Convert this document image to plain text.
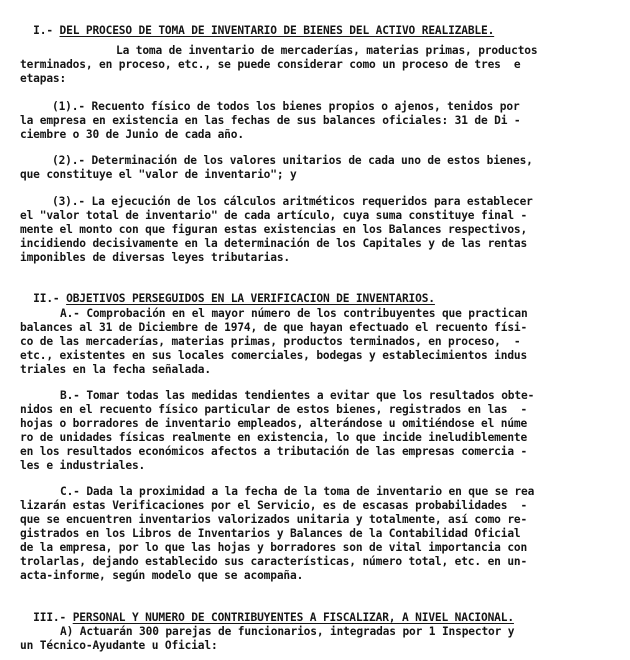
I.- DEL PROCESO DE TOMA DE INVENTARIO DE BIENES DEL ACTIVO REALIZABLE.

La toma de inventario de mercaderías, materias primas, productos
terminados, en proceso, etc., se puede considerar como un proceso de tres  e
etapas:
(1).- Recuento físico de todos los bienes propios o ajenos, tenidos por
la empresa en existencia en las fechas de sus balances oficiales: 31 de Di -
ciembre o 30 de Junio de cada año.
(2).- Determinación de los valores unitarios de cada uno de estos bienes,
que constituye el "valor de inventario"; y
(3).- La ejecución de los cálculos aritméticos requeridos para establecer
el "valor total de inventario" de cada artículo, cuya suma constituye final -
mente el monto con que figuran estas existencias en los Balances respectivos,
incidiendo decisivamente en la determinación de los Capitales y de las rentas
imponibles de diversas leyes tributarias.

II.- OBJETIVOS PERSEGUIDOS EN LA VERIFICACION DE INVENTARIOS.

A.- Comprobación en el mayor número de los contribuyentes que practican
balances al 31 de Diciembre de 1974, de que hayan efectuado el recuento físi-
co de las mercaderías, materias primas, productos terminados, en proceso,  -
etc., existentes en sus locales comerciales, bodegas y establecimientos indus
triales en la fecha señalada.
B.- Tomar todas las medidas tendientes a evitar que los resultados obte-
nidos en el recuento físico particular de estos bienes, registrados en las  -
hojas o borradores de inventario empleados, alterándose u omitiéndose el núme
ro de unidades físicas realmente en existencia, lo que incide ineludiblemente
en los resultados económicos afectos a tributación de las empresas comercia -
les e industriales.
C.- Dada la proximidad a la fecha de la toma de inventario en que se rea
lizarán estas Verificaciones por el Servicio, es de escasas probabilidades  -
que se encuentren inventarios valorizados unitaria y totalmente, así como re-
gistrados en los Libros de Inventarios y Balances de la Contabilidad Oficial
de la empresa, por lo que las hojas y borradores son de vital importancia con
trolarlas, dejando establecido sus características, número total, etc. en un-
acta-informe, según modelo que se acompaña.

III.- PERSONAL Y NUMERO DE CONTRIBUYENTES A FISCALIZAR, A NIVEL NACIONAL.

A) Actuarán 300 parejas de funcionarios, integradas por 1 Inspector y
un Técnico-Ayudante u Oficial:
